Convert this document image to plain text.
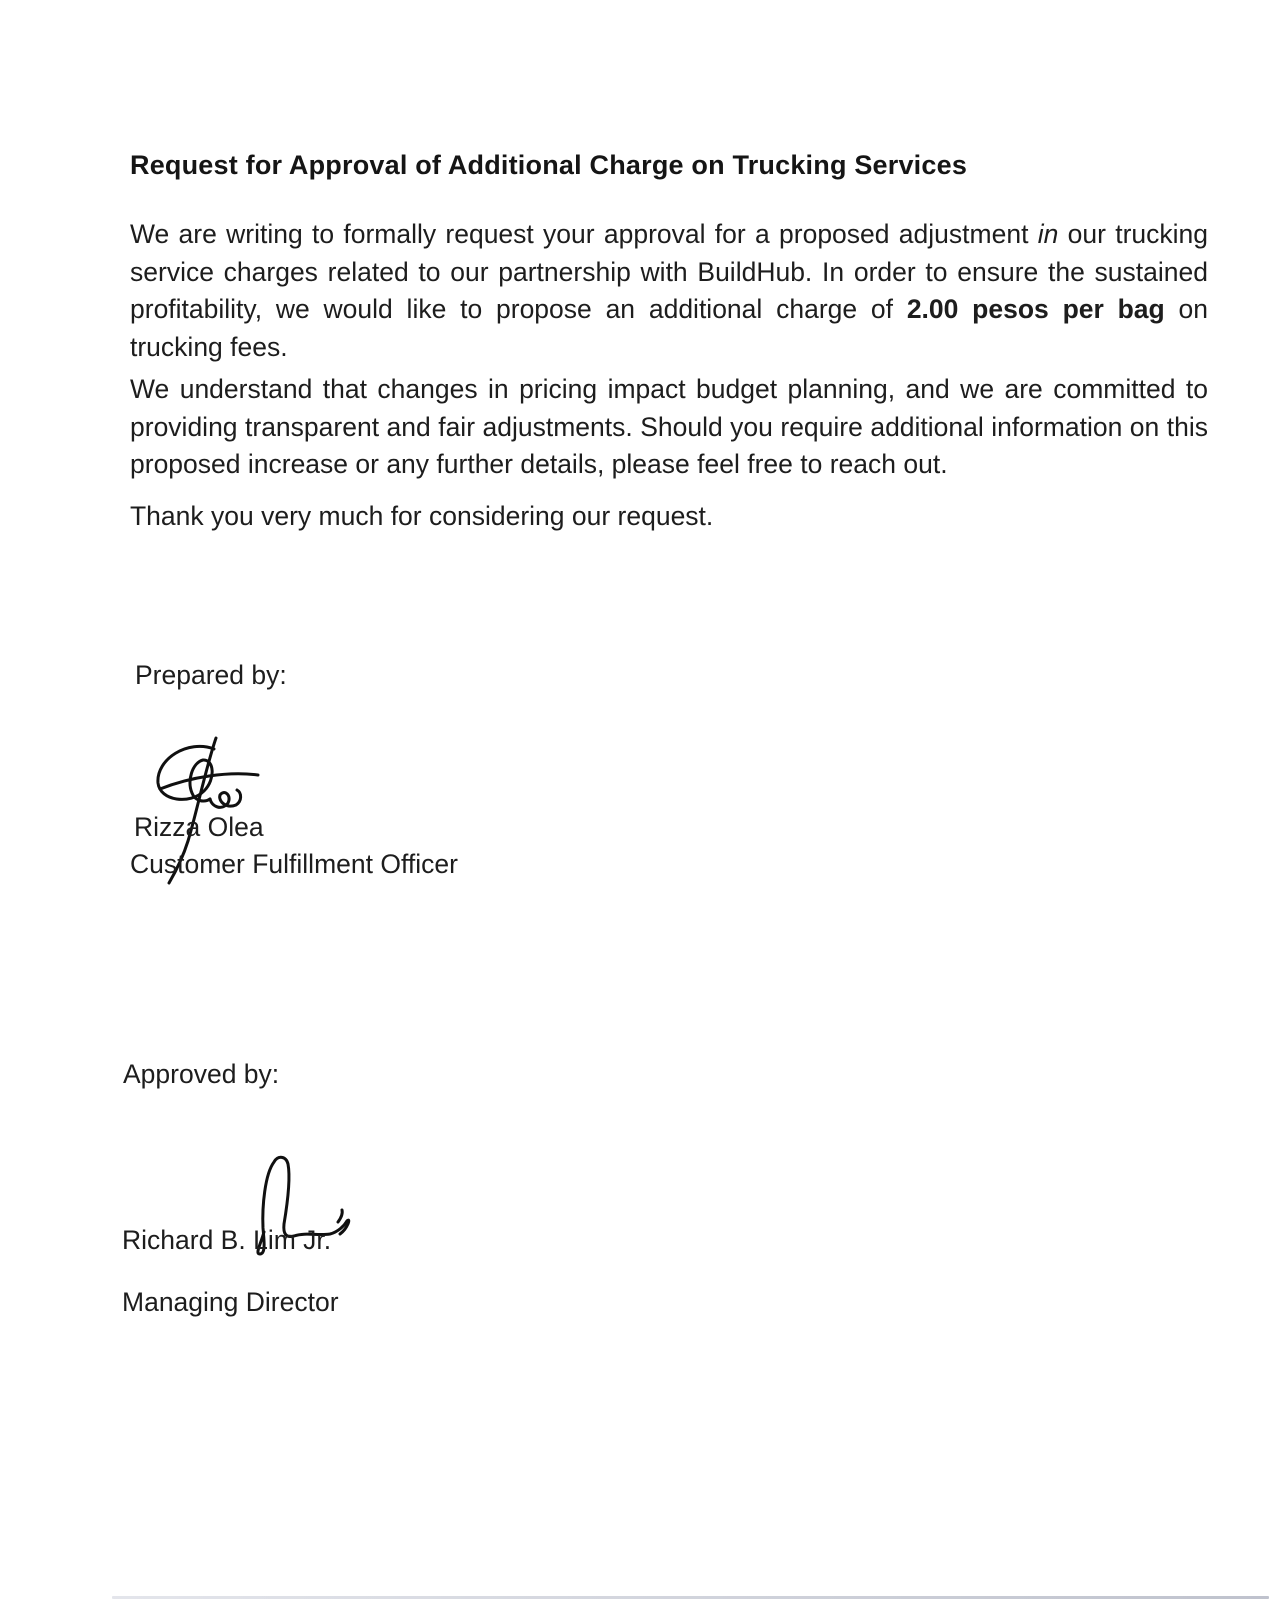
Request for Approval of Additional Charge on Trucking Services

We are writing to formally request your approval for a proposed adjustment in our trucking service charges related to our partnership with BuildHub. In order to ensure the sustained profitability, we would like to propose an additional charge of 2.00 pesos per bag on trucking fees.

We understand that changes in pricing impact budget planning, and we are committed to providing transparent and fair adjustments. Should you require additional information on this proposed increase or any further details, please feel free to reach out.

Thank you very much for considering our request.

Prepared by:
Rizza Olea
Customer Fulfillment Officer
Approved by:
Richard B. Lim Jr.
Managing Director
